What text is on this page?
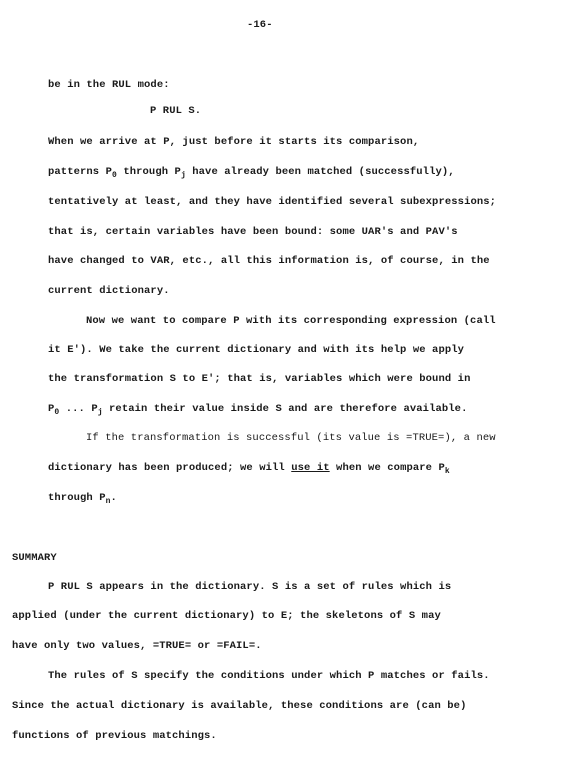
-16-
be in the RUL mode:
P RUL S.
When we arrive at P, just before it starts its comparison,
patterns $P_0$ through $P_j$ have already been matched (successfully),
tentatively at least, and they have identified several subexpressions;
that is, certain variables have been bound: some UAR's and PAV's
have changed to VAR, etc., all this information is, of course, in the
current dictionary.
Now we want to compare P with its corresponding expression (call
it E'). We take the current dictionary and with its help we apply
the transformation S to E'; that is, variables which were bound in
$P_0$ ... $P_j$ retain their value inside S and are therefore available.
If the transformation is successful (its value is =TRUE=), a new
dictionary has been produced; we will use it when we compare $P_k$
through $P_n$.
SUMMARY
P RUL S appears in the dictionary. S is a set of rules which is
applied (under the current dictionary) to E; the skeletons of S may
have only two values, =TRUE= or =FAIL=.
The rules of S specify the conditions under which P matches or fails.
Since the actual dictionary is available, these conditions are (can be)
functions of previous matchings.
